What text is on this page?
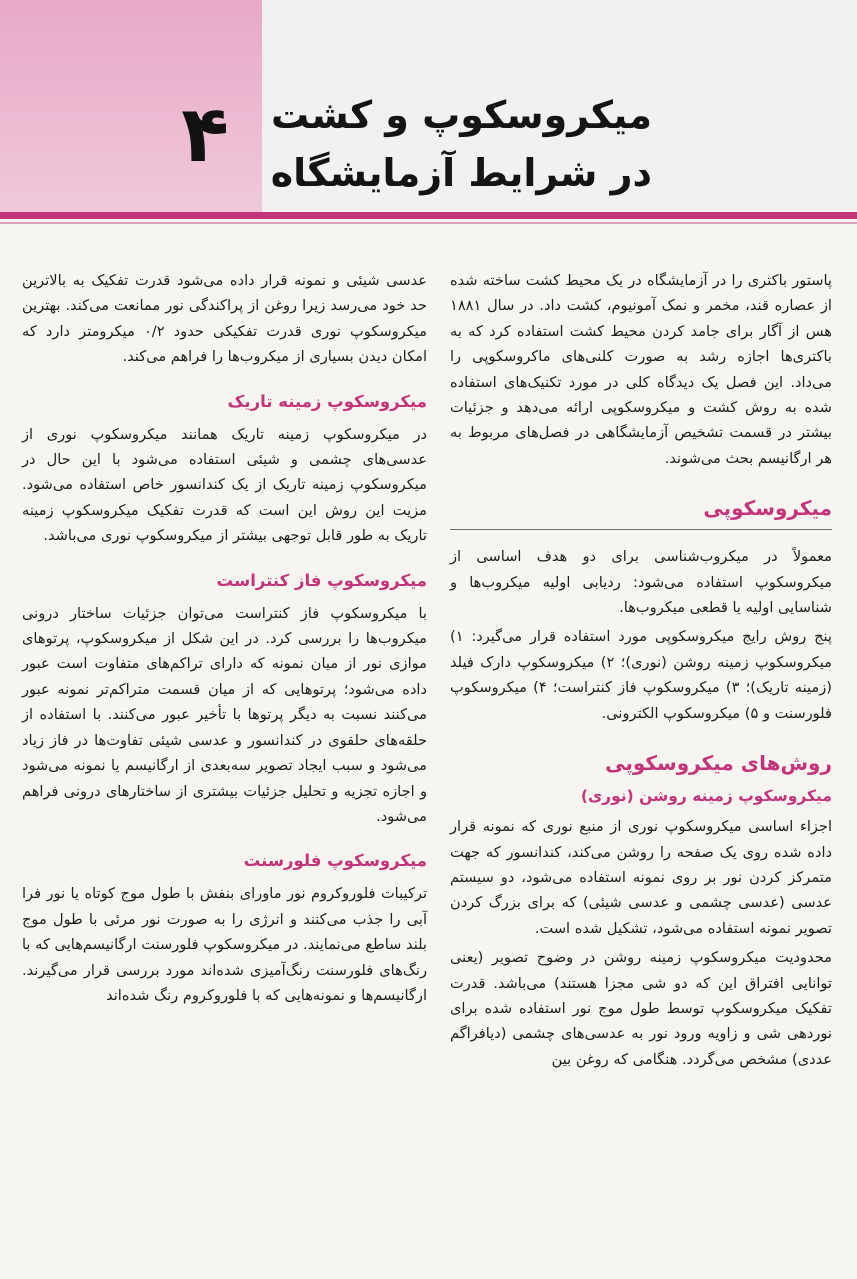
۴	میکروسکوپ و کشت در شرایط آزمایشگاه

پاستور باکتری را در آزمایشگاه در یک محیط کشت ساخته شده از عصاره قند، مخمر و نمک آمونیوم، کشت داد. در سال ۱۸۸۱ هس از آگار برای جامد کردن محیط کشت استفاده کرد که به باکتری‌ها اجازه رشد به صورت کلنی‌های ماکروسکوپی را می‌داد. این فصل یک دیدگاه کلی در مورد تکنیک‌های استفاده شده به روش کشت و میکروسکوپی ارائه می‌دهد و جزئیات بیشتر در قسمت تشخیص آزمایشگاهی در فصل‌های مربوط به هر ارگانیسم بحث می‌شوند.

میکروسکوپی

معمولاً در میکروب‌شناسی برای دو هدف اساسی از میکروسکوپ استفاده می‌شود: ردیابی اولیه میکروب‌ها و شناسایی اولیه یا قطعی میکروب‌ها.

پنج روش رایج میکروسکوپی مورد استفاده قرار می‌گیرد: ۱) میکروسکوپ زمینه روشن (نوری)؛ ۲) میکروسکوپ دارک فیلد (زمینه تاریک)؛ ۳) میکروسکوپ فاز کنتراست؛ ۴) میکروسکوپ فلورسنت و ۵) میکروسکوپ الکترونی.

روش‌های میکروسکوپی
میکروسکوپ زمینه روشن (نوری)

اجزاء اساسی میکروسکوپ نوری از منبع نوری که نمونه قرار داده شده روی یک صفحه را روشن می‌کند، کندانسور که جهت متمرکز کردن نور بر روی نمونه استفاده می‌شود، دو سیستم عدسی (عدسی چشمی و عدسی شیئی) که برای بزرگ کردن تصویر نمونه استفاده می‌شود، تشکیل شده است.

محدودیت میکروسکوپ زمینه روشن در وضوح تصویر (یعنی توانایی افتراق این که دو شی مجزا هستند) می‌باشد. قدرت تفکیک میکروسکوپ توسط طول موج نور استفاده شده برای نوردهی شی و زاویه ورود نور به عدسی‌های چشمی (دیافراگم عددی) مشخص می‌گردد. هنگامی که روغن بین

عدسی شیئی و نمونه قرار داده می‌شود قدرت تفکیک به بالاترین حد خود می‌رسد زیرا روغن از پراکندگی نور ممانعت می‌کند. بهترین میکروسکوپ نوری قدرت تفکیکی حدود ۰/۲ میکرومتر دارد که امکان دیدن بسیاری از میکروب‌ها را فراهم می‌کند.

میکروسکوپ زمینه تاریک

در میکروسکوپ زمینه تاریک همانند میکروسکوپ نوری از عدسی‌های چشمی و شیئی استفاده می‌شود با این حال در میکروسکوپ زمینه تاریک از یک کندانسور خاص استفاده می‌شود. مزیت این روش این است که قدرت تفکیک میکروسکوپ زمینه تاریک به طور قابل توجهی بیشتر از میکروسکوپ نوری می‌باشد.

میکروسکوپ فاز کنتراست

با میکروسکوپ فاز کنتراست می‌توان جزئیات ساختار درونی میکروب‌ها را بررسی کرد. در این شکل از میکروسکوپ، پرتوهای موازی نور از میان نمونه که دارای تراکم‌های متفاوت است عبور داده می‌شود؛ پرتوهایی که از میان قسمت متراکم‌تر نمونه عبور می‌کنند نسبت به دیگر پرتوها با تأخیر عبور می‌کنند. با استفاده از حلقه‌های حلقوی در کندانسور و عدسی شیئی تفاوت‌ها در فاز زیاد می‌شود و سبب ایجاد تصویر سه‌بعدی از ارگانیسم یا نمونه می‌شود و اجازه تجزیه و تحلیل جزئیات بیشتری از ساختارهای درونی فراهم می‌شود.

میکروسکوپ فلورسنت

ترکیبات فلوروکروم نور ماورای بنفش با طول موج کوتاه یا نور فرا آبی را جذب می‌کنند و انرژی را به صورت نور مرئی با طول موج بلند ساطع می‌نمایند. در میکروسکوپ فلورسنت ارگانیسم‌هایی که با رنگ‌های فلورسنت رنگ‌آمیزی شده‌اند مورد بررسی قرار می‌گیرند. ارگانیسم‌ها و نمونه‌هایی که با فلوروکروم رنگ شده‌اند
